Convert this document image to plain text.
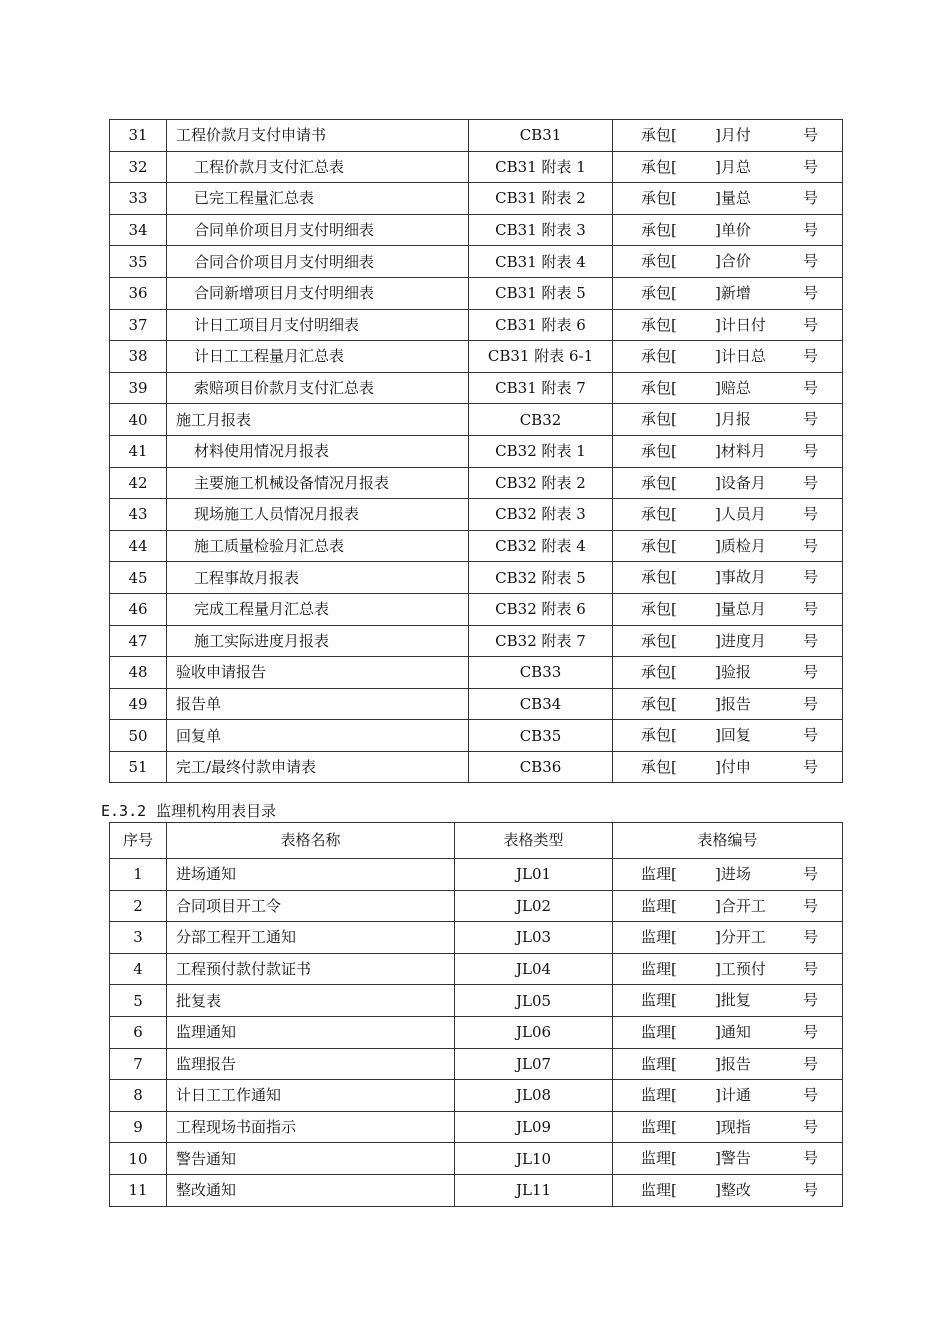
31	工程价款月支付申请书	CB31	承包[ ]月付 号

32	工程价款月支付汇总表	CB31 附表 1	承包[ ]月总 号

33	已完工程量汇总表	CB31 附表 2	承包[ ]量总 号

34	合同单价项目月支付明细表	CB31 附表 3	承包[ ]单价 号

35	合同合价项目月支付明细表	CB31 附表 4	承包[ ]合价 号

36	合同新增项目月支付明细表	CB31 附表 5	承包[ ]新增 号

37	计日工项目月支付明细表	CB31 附表 6	承包[ ]计日付 号

38	计日工工程量月汇总表	CB31 附表 6-1	承包[ ]计日总 号

39	索赔项目价款月支付汇总表	CB31 附表 7	承包[ ]赔总 号

40	施工月报表	CB32	承包[ ]月报 号

41	材料使用情况月报表	CB32 附表 1	承包[ ]材料月 号

42	主要施工机械设备情况月报表	CB32 附表 2	承包[ ]设备月 号

43	现场施工人员情况月报表	CB32 附表 3	承包[ ]人员月 号

44	施工质量检验月汇总表	CB32 附表 4	承包[ ]质检月 号

45	工程事故月报表	CB32 附表 5	承包[ ]事故月 号

46	完成工程量月汇总表	CB32 附表 6	承包[ ]量总月 号

47	施工实际进度月报表	CB32 附表 7	承包[ ]进度月 号

48	验收申请报告	CB33	承包[ ]验报 号

49	报告单	CB34	承包[ ]报告 号

50	回复单	CB35	承包[ ]回复 号

51	完工/最终付款申请表	CB36	承包[ ]付申 号
E.3.2 监理机构用表目录
序号	表格名称	表格类型	表格编号
1	进场通知	JL01	监理[ ]进场 号

2	合同项目开工令	JL02	监理[ ]合开工 号

3	分部工程开工通知	JL03	监理[ ]分开工 号

4	工程预付款付款证书	JL04	监理[ ]工预付 号

5	批复表	JL05	监理[ ]批复 号

6	监理通知	JL06	监理[ ]通知 号

7	监理报告	JL07	监理[ ]报告 号

8	计日工工作通知	JL08	监理[ ]计通 号

9	工程现场书面指示	JL09	监理[ ]现指 号

10	警告通知	JL10	监理[ ]警告 号

11	整改通知	JL11	监理[ ]整改 号
